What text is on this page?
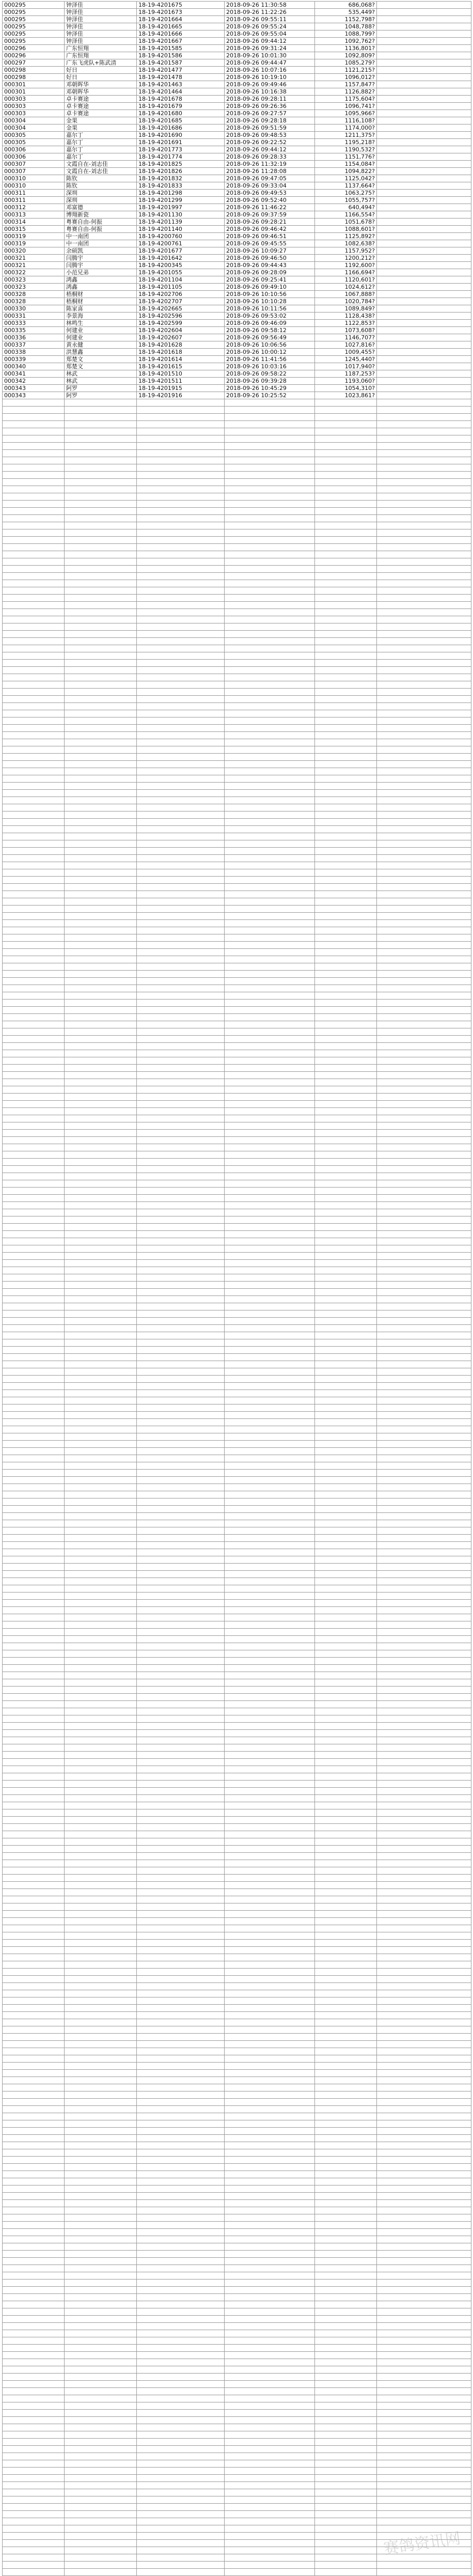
000295	钟泽佳	18-19-4201675	2018-09-26 11:30:58	686,068?	
000295	钟泽佳	18-19-4201673	2018-09-26 11:22:26	535,449?	
000295	钟泽佳	18-19-4201664	2018-09-26 09:55:11	1152,798?	
000295	钟泽佳	18-19-4201665	2018-09-26 09:55:24	1048,788?	
000295	钟泽佳	18-19-4201666	2018-09-26 09:55:04	1088,799?	
000295	钟泽佳	18-19-4201667	2018-09-26 09:44:12	1092,762?	
000296	广东恒翔	18-19-4201585	2018-09-26 09:31:24	1136,801?	
000296	广东恒翔	18-19-4201586	2018-09-26 10:01:30	1092,809?	
000297	广东飞虎队+陈武清	18-19-4201587	2018-09-26 09:44:47	1085,279?	
000298	好日	18-19-4201477	2018-09-26 10:07:16	1121,215?	
000298	好日	18-19-4201478	2018-09-26 10:19:10	1096,012?	
000301	邓朝晖华	18-19-4201463	2018-09-26 09:49:46	1157,847?	
000301	邓朝晖华	18-19-4201464	2018-09-26 10:16:38	1126,882?	
000303	卓卡赛途	18-19-4201678	2018-09-26 09:28:11	1175,604?	
000303	卓卡赛途	18-19-4201679	2018-09-26 09:26:36	1096,741?	
000303	卓卡赛途	18-19-4201680	2018-09-26 09:27:57	1095,966?	
000304	金果	18-19-4201685	2018-09-26 09:28:18	1116,108?	
000304	金果	18-19-4201686	2018-09-26 09:51:59	1174,000?	
000305	嘉尔丁	18-19-4201690	2018-09-26 09:48:53	1211,375?	
000305	嘉尔丁	18-19-4201691	2018-09-26 09:22:52	1195,218?	
000306	嘉尔丁	18-19-4201773	2018-09-26 09:44:12	1190,532?	
000306	嘉尔丁	18-19-4201774	2018-09-26 09:28:33	1151,776?	
000307	文霞自在-刘志佳	18-19-4201825	2018-09-26 11:32:19	1154,084?	
000307	文霞自在-刘志佳	18-19-4201826	2018-09-26 11:28:08	1094,822?	
000310	陈钦	18-19-4201832	2018-09-26 09:47:05	1125,042?	
000310	陈钦	18-19-4201833	2018-09-26 09:33:04	1137,664?	
000311	深圳	18-19-4201298	2018-09-26 09:49:53	1063,275?	
000311	深圳	18-19-4201299	2018-09-26 09:52:40	1055,757?	
000312	邓富德	18-19-4201997	2018-09-26 11:46:22	640,494?	
000313	博翔新瓷	18-19-4201130	2018-09-26 09:37:59	1166,554?	
000314	粤赛自由-何振	18-19-4201139	2018-09-26 09:28:21	1051,678?	
000315	粤赛自由-何振	18-19-4201140	2018-09-26 09:46:42	1088,601?	
000319	中一南团	18-19-4200760	2018-09-26 09:46:51	1125,892?	
000319	中一南团	18-19-4200761	2018-09-26 09:45:55	1082,638?	
000320	余硕凯	18-19-4201677	2018-09-26 10:09:27	1157,952?	
000321	闫腾宇	18-19-4201642	2018-09-26 09:46:50	1200,212?	
000321	闫腾宇	18-19-4200345	2018-09-26 09:44:43	1192,600?	
000322	小范兄弟	18-19-4201055	2018-09-26 09:28:09	1166,694?	
000323	鸿鑫	18-19-4201104	2018-09-26 09:25:41	1120,601?	
000323	鸿鑫	18-19-4201105	2018-09-26 09:49:10	1024,612?	
000328	梧桐财	18-19-4202706	2018-09-26 10:10:56	1067,888?	
000328	梧桐财	18-19-4202707	2018-09-26 10:10:28	1020,784?	
000330	陈家喜	18-19-4202665	2018-09-26 10:11:56	1089,849?	
000331	李景海	18-19-4202596	2018-09-26 09:53:02	1128,438?	
000333	林鸣生	18-19-4202599	2018-09-26 09:46:09	1122,853?	
000335	何建业	18-19-4202604	2018-09-26 09:58:12	1073,608?	
000336	何建业	18-19-4202607	2018-09-26 09:56:49	1146,707?	
000337	黄永健	18-19-4201628	2018-09-26 10:06:56	1027,816?	
000338	洪慧鑫	18-19-4201618	2018-09-26 10:00:12	1009,455?	
000339	郑楚文	18-19-4201614	2018-09-26 11:41:56	1245,440?	
000340	郑楚文	18-19-4201615	2018-09-26 10:03:16	1017,940?	
000341	林武	18-19-4201510	2018-09-26 09:58:22	1187,253?	
000342	林武	18-19-4201511	2018-09-26 09:39:28	1193,060?	
000343	阿罗	18-19-4201915	2018-09-26 10:45:29	1054,310?	
000343	阿罗	18-19-4201916	2018-09-26 10:25:52	1023,861?	

赛鸽资讯网
